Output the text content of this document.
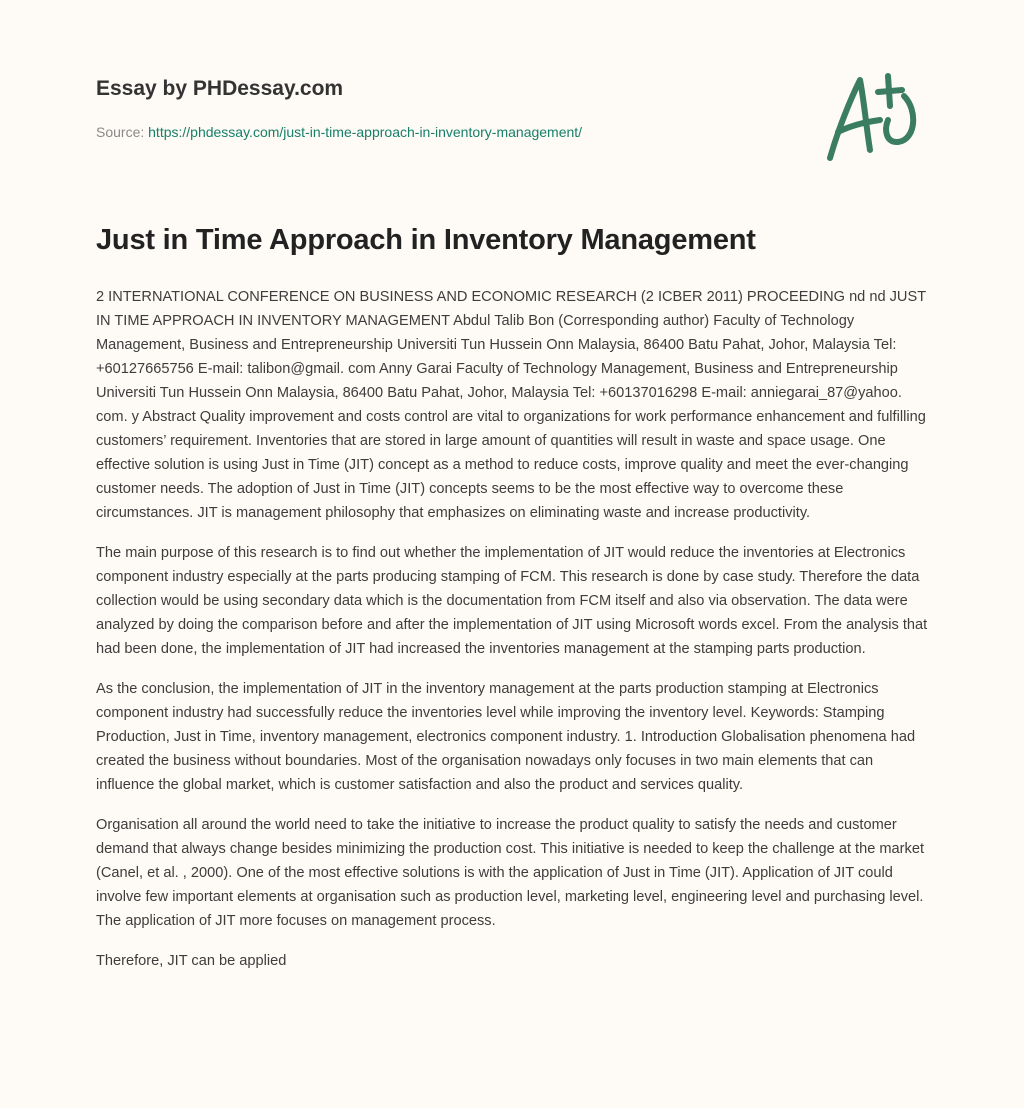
Essay by PHDessay.com
Source: https://phdessay.com/just-in-time-approach-in-inventory-management/
Just in Time Approach in Inventory Management

2 INTERNATIONAL CONFERENCE ON BUSINESS AND ECONOMIC RESEARCH (2 ICBER 2011) PROCEEDING nd nd JUST IN TIME APPROACH IN INVENTORY MANAGEMENT Abdul Talib Bon (Corresponding author) Faculty of Technology Management, Business and Entrepreneurship Universiti Tun Hussein Onn Malaysia, 86400 Batu Pahat, Johor, Malaysia Tel: +60127665756 E-mail: talibon@gmail. com Anny Garai Faculty of Technology Management, Business and Entrepreneurship Universiti Tun Hussein Onn Malaysia, 86400 Batu Pahat, Johor, Malaysia Tel: +60137016298 E-mail: anniegarai_87@yahoo. com. y Abstract Quality improvement and costs control are vital to organizations for work performance enhancement and fulfilling customers’ requirement. Inventories that are stored in large amount of quantities will result in waste and space usage. One effective solution is using Just in Time (JIT) concept as a method to reduce costs, improve quality and meet the ever-changing customer needs. The adoption of Just in Time (JIT) concepts seems to be the most effective way to overcome these circumstances. JIT is management philosophy that emphasizes on eliminating waste and increase productivity.

The main purpose of this research is to find out whether the implementation of JIT would reduce the inventories at Electronics component industry especially at the parts producing stamping of FCM. This research is done by case study. Therefore the data collection would be using secondary data which is the documentation from FCM itself and also via observation. The data were analyzed by doing the comparison before and after the implementation of JIT using Microsoft words excel. From the analysis that had been done, the implementation of JIT had increased the inventories management at the stamping parts production.

As the conclusion, the implementation of JIT in the inventory management at the parts production stamping at Electronics component industry had successfully reduce the inventories level while improving the inventory level. Keywords: Stamping Production, Just in Time, inventory management, electronics component industry. 1. Introduction Globalisation phenomena had created the business without boundaries. Most of the organisation nowadays only focuses in two main elements that can influence the global market, which is customer satisfaction and also the product and services quality.

Organisation all around the world need to take the initiative to increase the product quality to satisfy the needs and customer demand that always change besides minimizing the production cost. This initiative is needed to keep the challenge at the market (Canel, et al. , 2000). One of the most effective solutions is with the application of Just in Time (JIT). Application of JIT could involve few important elements at organisation such as production level, marketing level, engineering level and purchasing level. The application of JIT more focuses on management process.

Therefore, JIT can be applied
